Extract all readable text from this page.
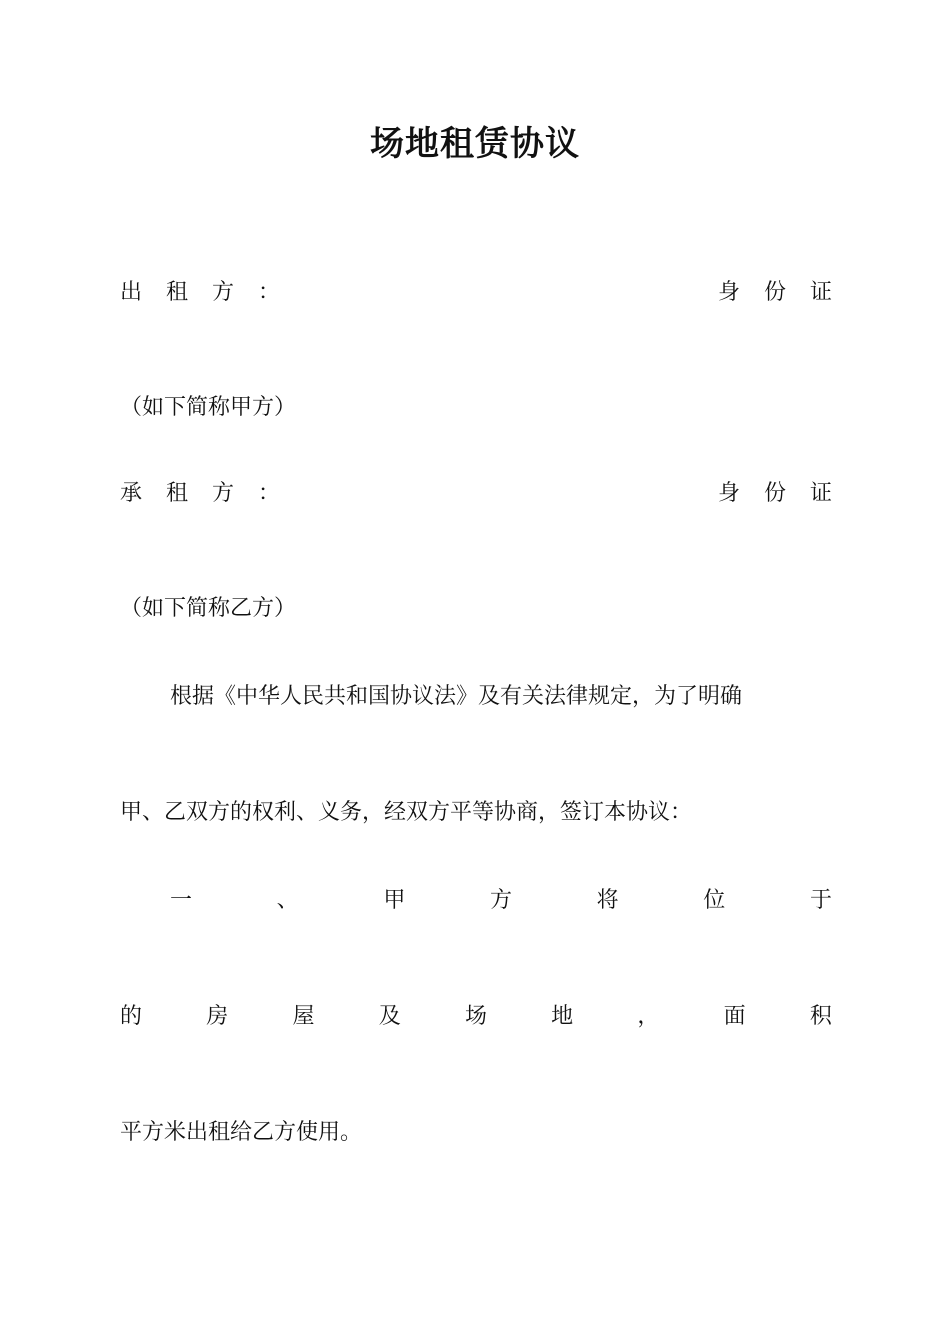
场地租赁协议
出 租 方 ：	身 份 证
（如下简称甲方）
承 租 方 ：	身 份 证
（如下简称乙方）
根据《中华人民共和国协议法》及有关法律规定，为了明确
甲、乙双方的权利、义务，经双方平等协商，签订本协议：
一	、	甲	方	将	位	于
的	房	屋	及	场	地	，	面	积
平方米出租给乙方使用。
